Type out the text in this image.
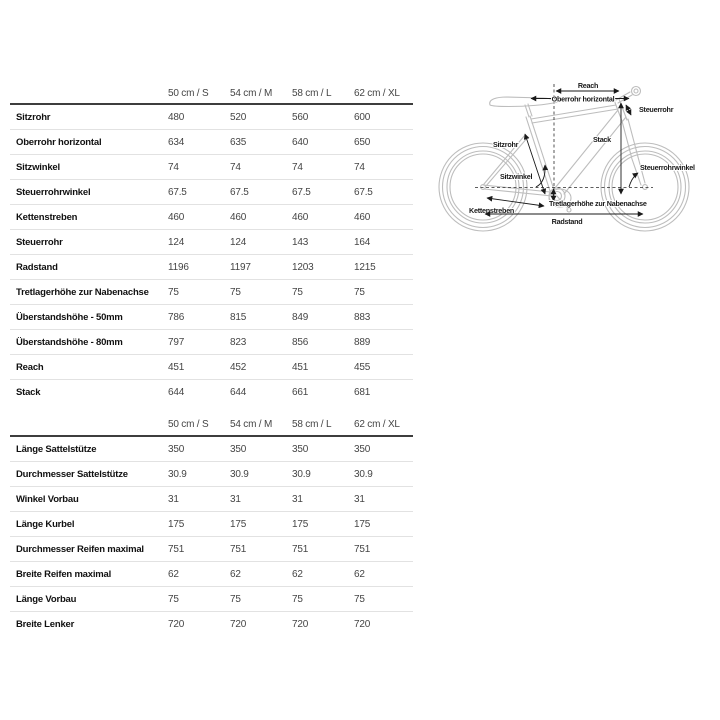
50 cm / S	54 cm / M	58 cm / L	62 cm / XL
Sitzrohr	480	520	560	600
Oberrohr horizontal	634	635	640	650
Sitzwinkel	74	74	74	74
Steuerrohrwinkel	67.5	67.5	67.5	67.5
Kettenstreben	460	460	460	460
Steuerrohr	124	124	143	164
Radstand	1196	1197	1203	1215
Tretlagerhöhe zur Nabenachse	75	75	75	75
Überstandshöhe - 50mm	786	815	849	883
Überstandshöhe - 80mm	797	823	856	889
Reach	451	452	451	455
Stack	644	644	661	681
50 cm / S	54 cm / M	58 cm / L	62 cm / XL
Länge Sattelstütze	350	350	350	350
Durchmesser Sattelstütze	30.9	30.9	30.9	30.9
Winkel Vorbau	31	31	31	31
Länge Kurbel	175	175	175	175
Durchmesser Reifen maximal	751	751	751	751
Breite Reifen maximal	62	62	62	62
Länge Vorbau	75	75	75	75
Breite Lenker	720	720	720	720
Reach
Oberrohr horizontal
Steuerrohr
Stack
Sitzrohr
Sitzwinkel
Steuerrohrwinkel
Tretlagerhöhe zur Nabenachse
Kettenstreben
Radstand
